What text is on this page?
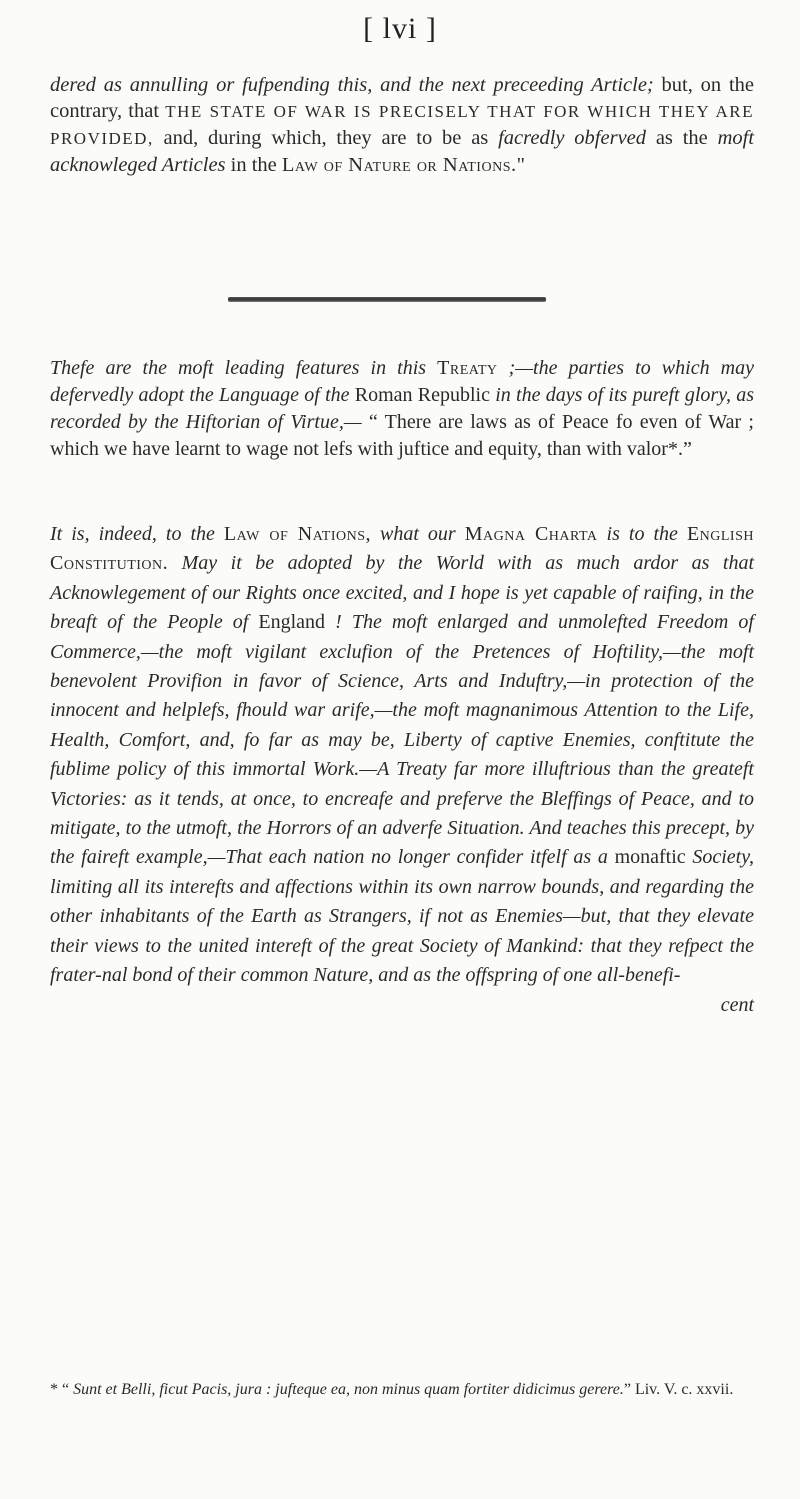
[ lvi ]

dered as annulling or fufpending this, and the next preceeding Article; but, on the contrary, that THE STATE OF WAR IS PRECISELY THAT FOR WHICH THEY ARE PROVIDED, and, during which, they are to be as facredly obferved as the moft acknowleged Articles in the Law of Nature or Nations."

Thefe are the moft leading features in this Treaty ;—the parties to which may defervedly adopt the Language of the Roman Republic in the days of its pureft glory, as recorded by the Hiftorian of Virtue,— “ There are laws as of Peace fo even of War ; which we have learnt to wage not lefs with juftice and equity, than with valor*.”

It is, indeed, to the Law of Nations, what our Magna Charta is to the English Constitution. May it be adopted by the World with as much ardor as that Acknowlegement of our Rights once excited, and I hope is yet capable of raifing, in the breaft of the People of England ! The moft enlarged and unmolefted Freedom of Commerce,—the moft vigilant exclufion of the Pretences of Hoftility,—the moft benevolent Provifion in favor of Science, Arts and Induftry,—in protection of the innocent and helplefs, fhould war arife,—the moft magnanimous Attention to the Life, Health, Comfort, and, fo far as may be, Liberty of captive Enemies, conftitute the fublime policy of this immortal Work.—A Treaty far more illuftrious than the greateft Victories: as it tends, at once, to encreafe and preferve the Bleffings of Peace, and to mitigate, to the utmoft, the Horrors of an adverfe Situation. And teaches this precept, by the faireft example,—That each nation no longer confider itfelf as a monaftic Society, limiting all its interefts and affections within its own narrow bounds, and regarding the other inhabitants of the Earth as Strangers, if not as Enemies—but, that they elevate their views to the united intereft of the great Society of Mankind: that they refpect the frater-nal bond of their common Nature, and as the offspring of one all-benefi-

cent

* “ Sunt et Belli, ficut Pacis, jura : jufteque ea, non minus quam fortiter didicimus gerere.” Liv. V. c. xxvii.
